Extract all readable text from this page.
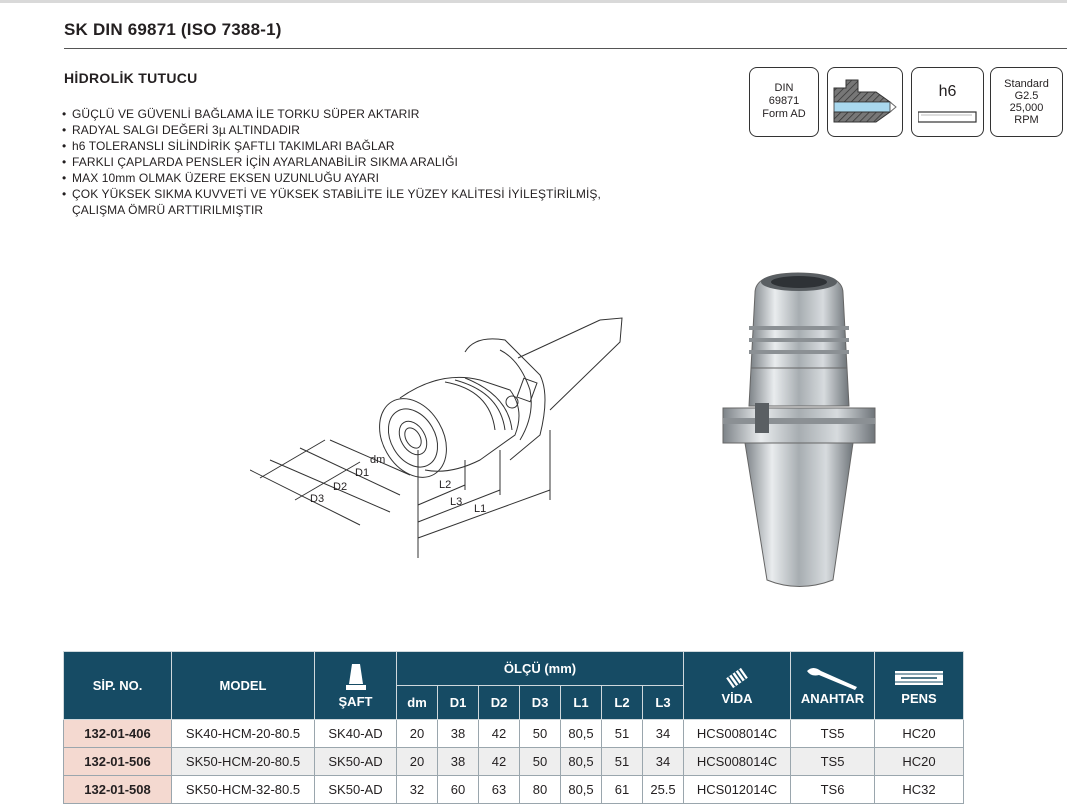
SK DIN 69871 (ISO 7388-1)
HİDROLİK TUTUCU
• GÜÇLÜ VE GÜVENLİ BAĞLAMA İLE TORKU SÜPER AKTARIR
• RADYAL SALGI DEĞERİ 3µ ALTINDADIR
• h6 TOLERANSLI SİLİNDİRİK ŞAFTLI TAKIMLARI BAĞLAR
• FARKLI ÇAPLARDA PENSLER İÇİN AYARLANABİLİR SIKMA ARALIĞI
• MAX 10mm OLMAK ÜZERE EKSEN UZUNLUĞU AYARI
• ÇOK YÜKSEK SIKMA KUVVETİ VE YÜKSEK STABİLİTE İLE YÜZEY KALİTESİ İYİLEŞTİRİLMİŞ,
ÇALIŞMA ÖMRÜ ARTTIRILMIŞTIR
DIN
69871
Form AD
h6	Standard
G2.5
25,000
RPM
dm
D1
D2
D3
L2
L3
L1
SİP. NO.	MODEL	ŞAFT	ÖLÇÜ (mm)							VİDA	ANAHTAR	PENS

			dm	D1	D2	D3	L1	L2	L3			
132-01-406	SK40-HCM-20-80.5	SK40-AD	20	38	42	50	80,5	51	34	HCS008014C	TS5	HC20
132-01-506	SK50-HCM-20-80.5	SK50-AD	20	38	42	50	80,5	51	34	HCS008014C	TS5	HC20
132-01-508	SK50-HCM-32-80.5	SK50-AD	32	60	63	80	80,5	61	25.5	HCS012014C	TS6	HC32
